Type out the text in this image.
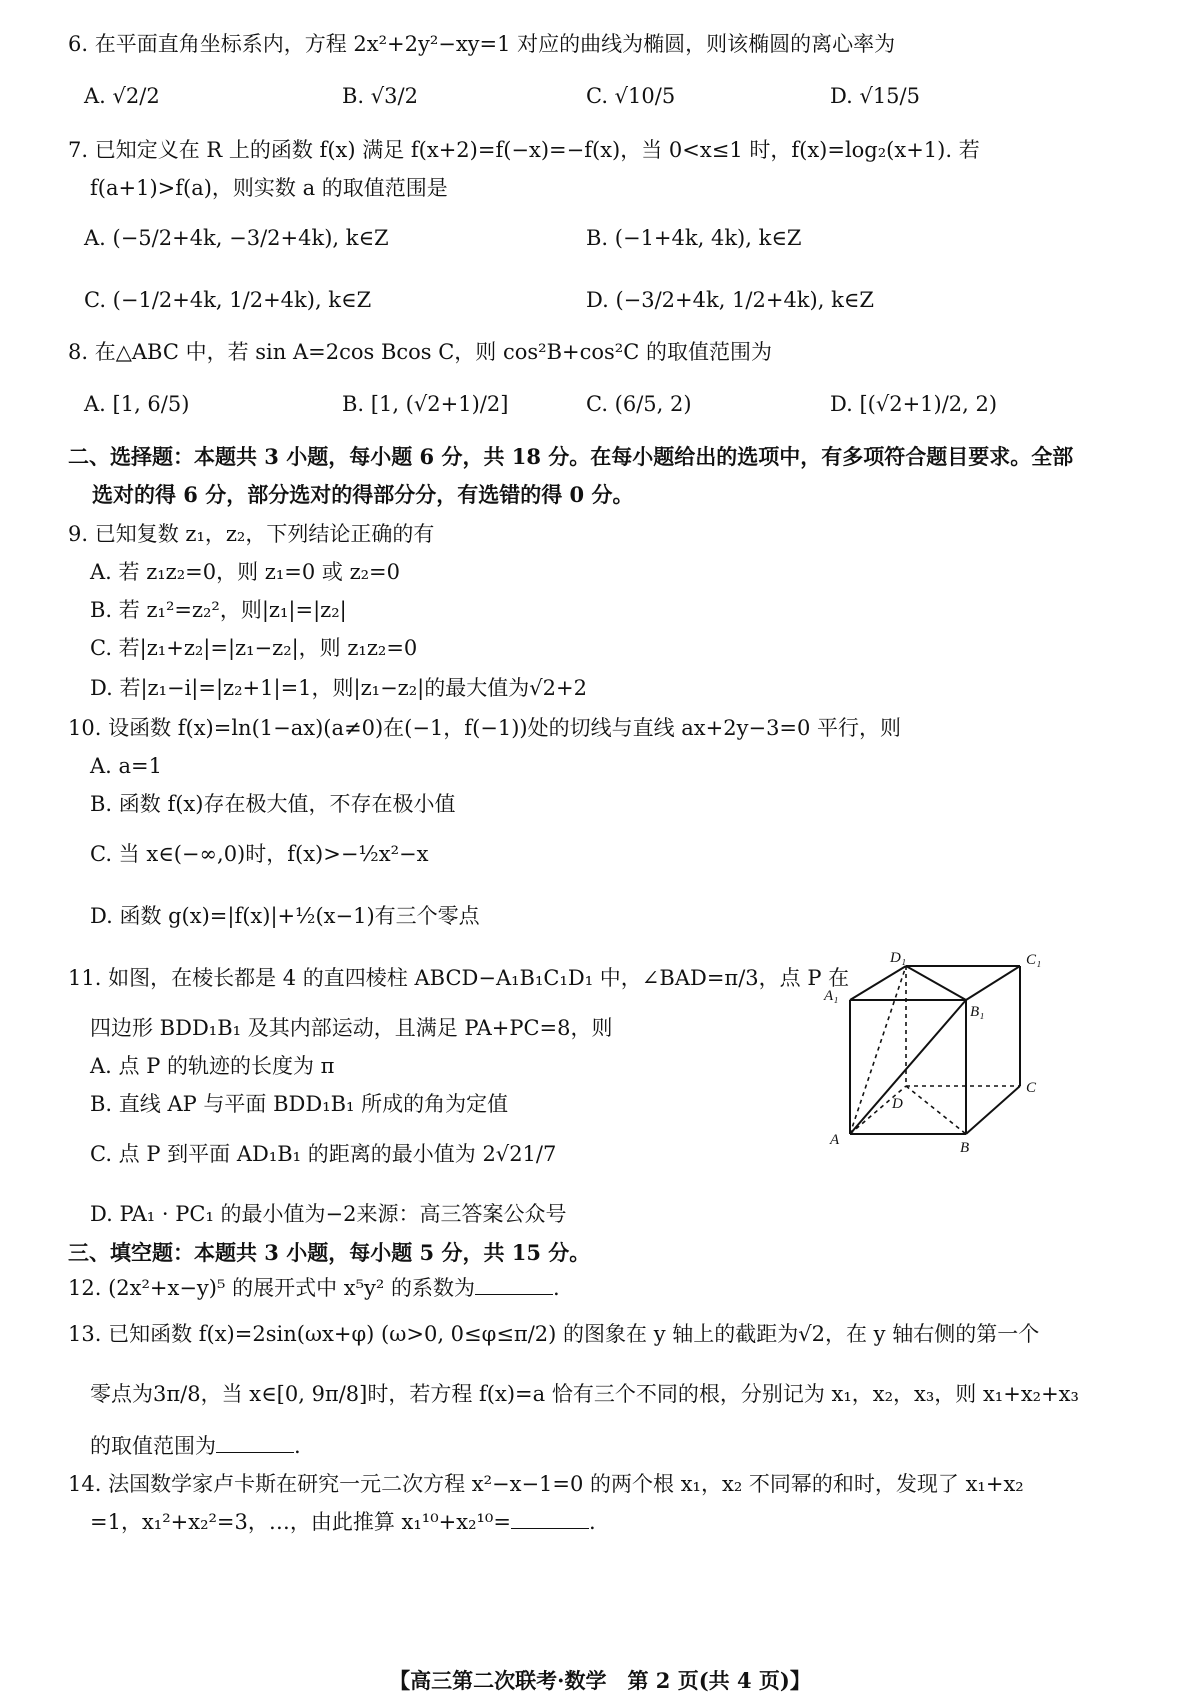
6. 在平面直角坐标系内，方程 2x²+2y²−xy=1 对应的曲线为椭圆，则该椭圆的离心率为
A. √2/2	B. √3/2	C. √10/5	D. √15/5
7. 已知定义在 R 上的函数 f(x) 满足 f(x+2)=f(−x)=−f(x)，当 0<x≤1 时，f(x)=log₂(x+1). 若
f(a+1)>f(a)，则实数 a 的取值范围是
A. (−5/2+4k, −3/2+4k), k∈Z	B. (−1+4k, 4k), k∈Z
C. (−1/2+4k, 1/2+4k), k∈Z	D. (−3/2+4k, 1/2+4k), k∈Z
8. 在△ABC 中，若 sin A=2cos Bcos C，则 cos²B+cos²C 的取值范围为
A. [1, 6/5)	B. [1, (√2+1)/2]	C. (6/5, 2)	D. [(√2+1)/2, 2)
二、选择题：本题共 3 小题，每小题 6 分，共 18 分。在每小题给出的选项中，有多项符合题目要求。全部
选对的得 6 分，部分选对的得部分分，有选错的得 0 分。
9. 已知复数 z₁，z₂，下列结论正确的有
A. 若 z₁z₂=0，则 z₁=0 或 z₂=0
B. 若 z₁²=z₂²，则|z₁|=|z₂|
C. 若|z₁+z₂|=|z₁−z₂|，则 z₁z₂=0
D. 若|z₁−i|=|z₂+1|=1，则|z₁−z₂|的最大值为√2+2
10. 设函数 f(x)=ln(1−ax)(a≠0)在(−1，f(−1))处的切线与直线 ax+2y−3=0 平行，则
A. a=1
B. 函数 f(x)存在极大值，不存在极小值
C. 当 x∈(−∞,0)时，f(x)>−½x²−x
D. 函数 g(x)=|f(x)|+½(x−1)有三个零点
11. 如图，在棱长都是 4 的直四棱柱 ABCD−A₁B₁C₁D₁ 中，∠BAD=π/3，点 P 在
四边形 BDD₁B₁ 及其内部运动，且满足 PA+PC=8，则
A. 点 P 的轨迹的长度为 π
B. 直线 AP 与平面 BDD₁B₁ 所成的角为定值
C. 点 P 到平面 AD₁B₁ 的距离的最小值为 2√21/7
D. PA₁ · PC₁ 的最小值为−2来源：高三答案公众号
D₁	C₁
A₁
B₁
D
C
A	B
三、填空题：本题共 3 小题，每小题 5 分，共 15 分。
12. (2x²+x−y)⁵ 的展开式中 x⁵y² 的系数为	.
13. 已知函数 f(x)=2sin(ωx+φ) (ω>0, 0≤φ≤π/2) 的图象在 y 轴上的截距为√2，在 y 轴右侧的第一个
零点为3π/8，当 x∈[0, 9π/8]时，若方程 f(x)=a 恰有三个不同的根，分别记为 x₁，x₂，x₃，则 x₁+x₂+x₃
的取值范围为	.
14. 法国数学家卢卡斯在研究一元二次方程 x²−x−1=0 的两个根 x₁，x₂ 不同幂的和时，发现了 x₁+x₂
=1，x₁²+x₂²=3，…，由此推算 x₁¹⁰+x₂¹⁰=	.
【高三第二次联考·数学　第 2 页(共 4 页)】
